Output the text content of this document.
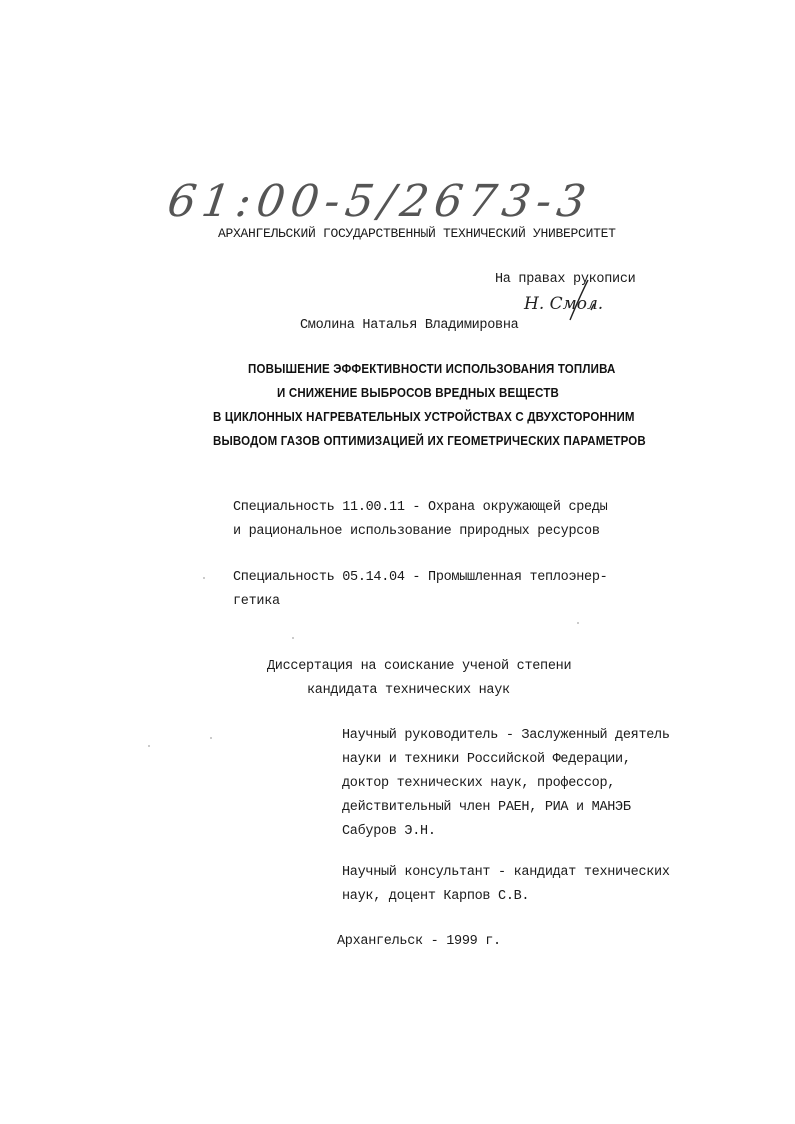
61:00-5/2673-3
АРХАНГЕЛЬСКИЙ ГОСУДАРСТВЕННЫЙ ТЕХНИЧЕСКИЙ УНИВЕРСИТЕТ
На правах рукописи
Н. Смол.
Смолина Наталья Владимировна
ПОВЫШЕНИЕ ЭФФЕКТИВНОСТИ ИСПОЛЬЗОВАНИЯ ТОПЛИВА
И СНИЖЕНИЕ ВЫБРОСОВ ВРЕДНЫХ ВЕЩЕСТВ
В ЦИКЛОННЫХ НАГРЕВАТЕЛЬНЫХ УСТРОЙСТВАХ С ДВУХСТОРОННИМ
ВЫВОДОМ ГАЗОВ ОПТИМИЗАЦИЕЙ ИХ ГЕОМЕТРИЧЕСКИХ ПАРАМЕТРОВ
Специальность 11.00.11 - Охрана окружающей среды
и рациональное использование природных ресурсов
Специальность 05.14.04 - Промышленная теплоэнер-
гетика
Диссертация на соискание ученой степени
кандидата технических наук
Научный руководитель - Заслуженный деятель
науки и техники Российской Федерации,
доктор технических наук, профессор,
действительный член РАЕН, РИА и МАНЭБ
Сабуров Э.Н.
Научный консультант - кандидат технических
наук, доцент Карпов С.В.
Архангельск - 1999 г.
